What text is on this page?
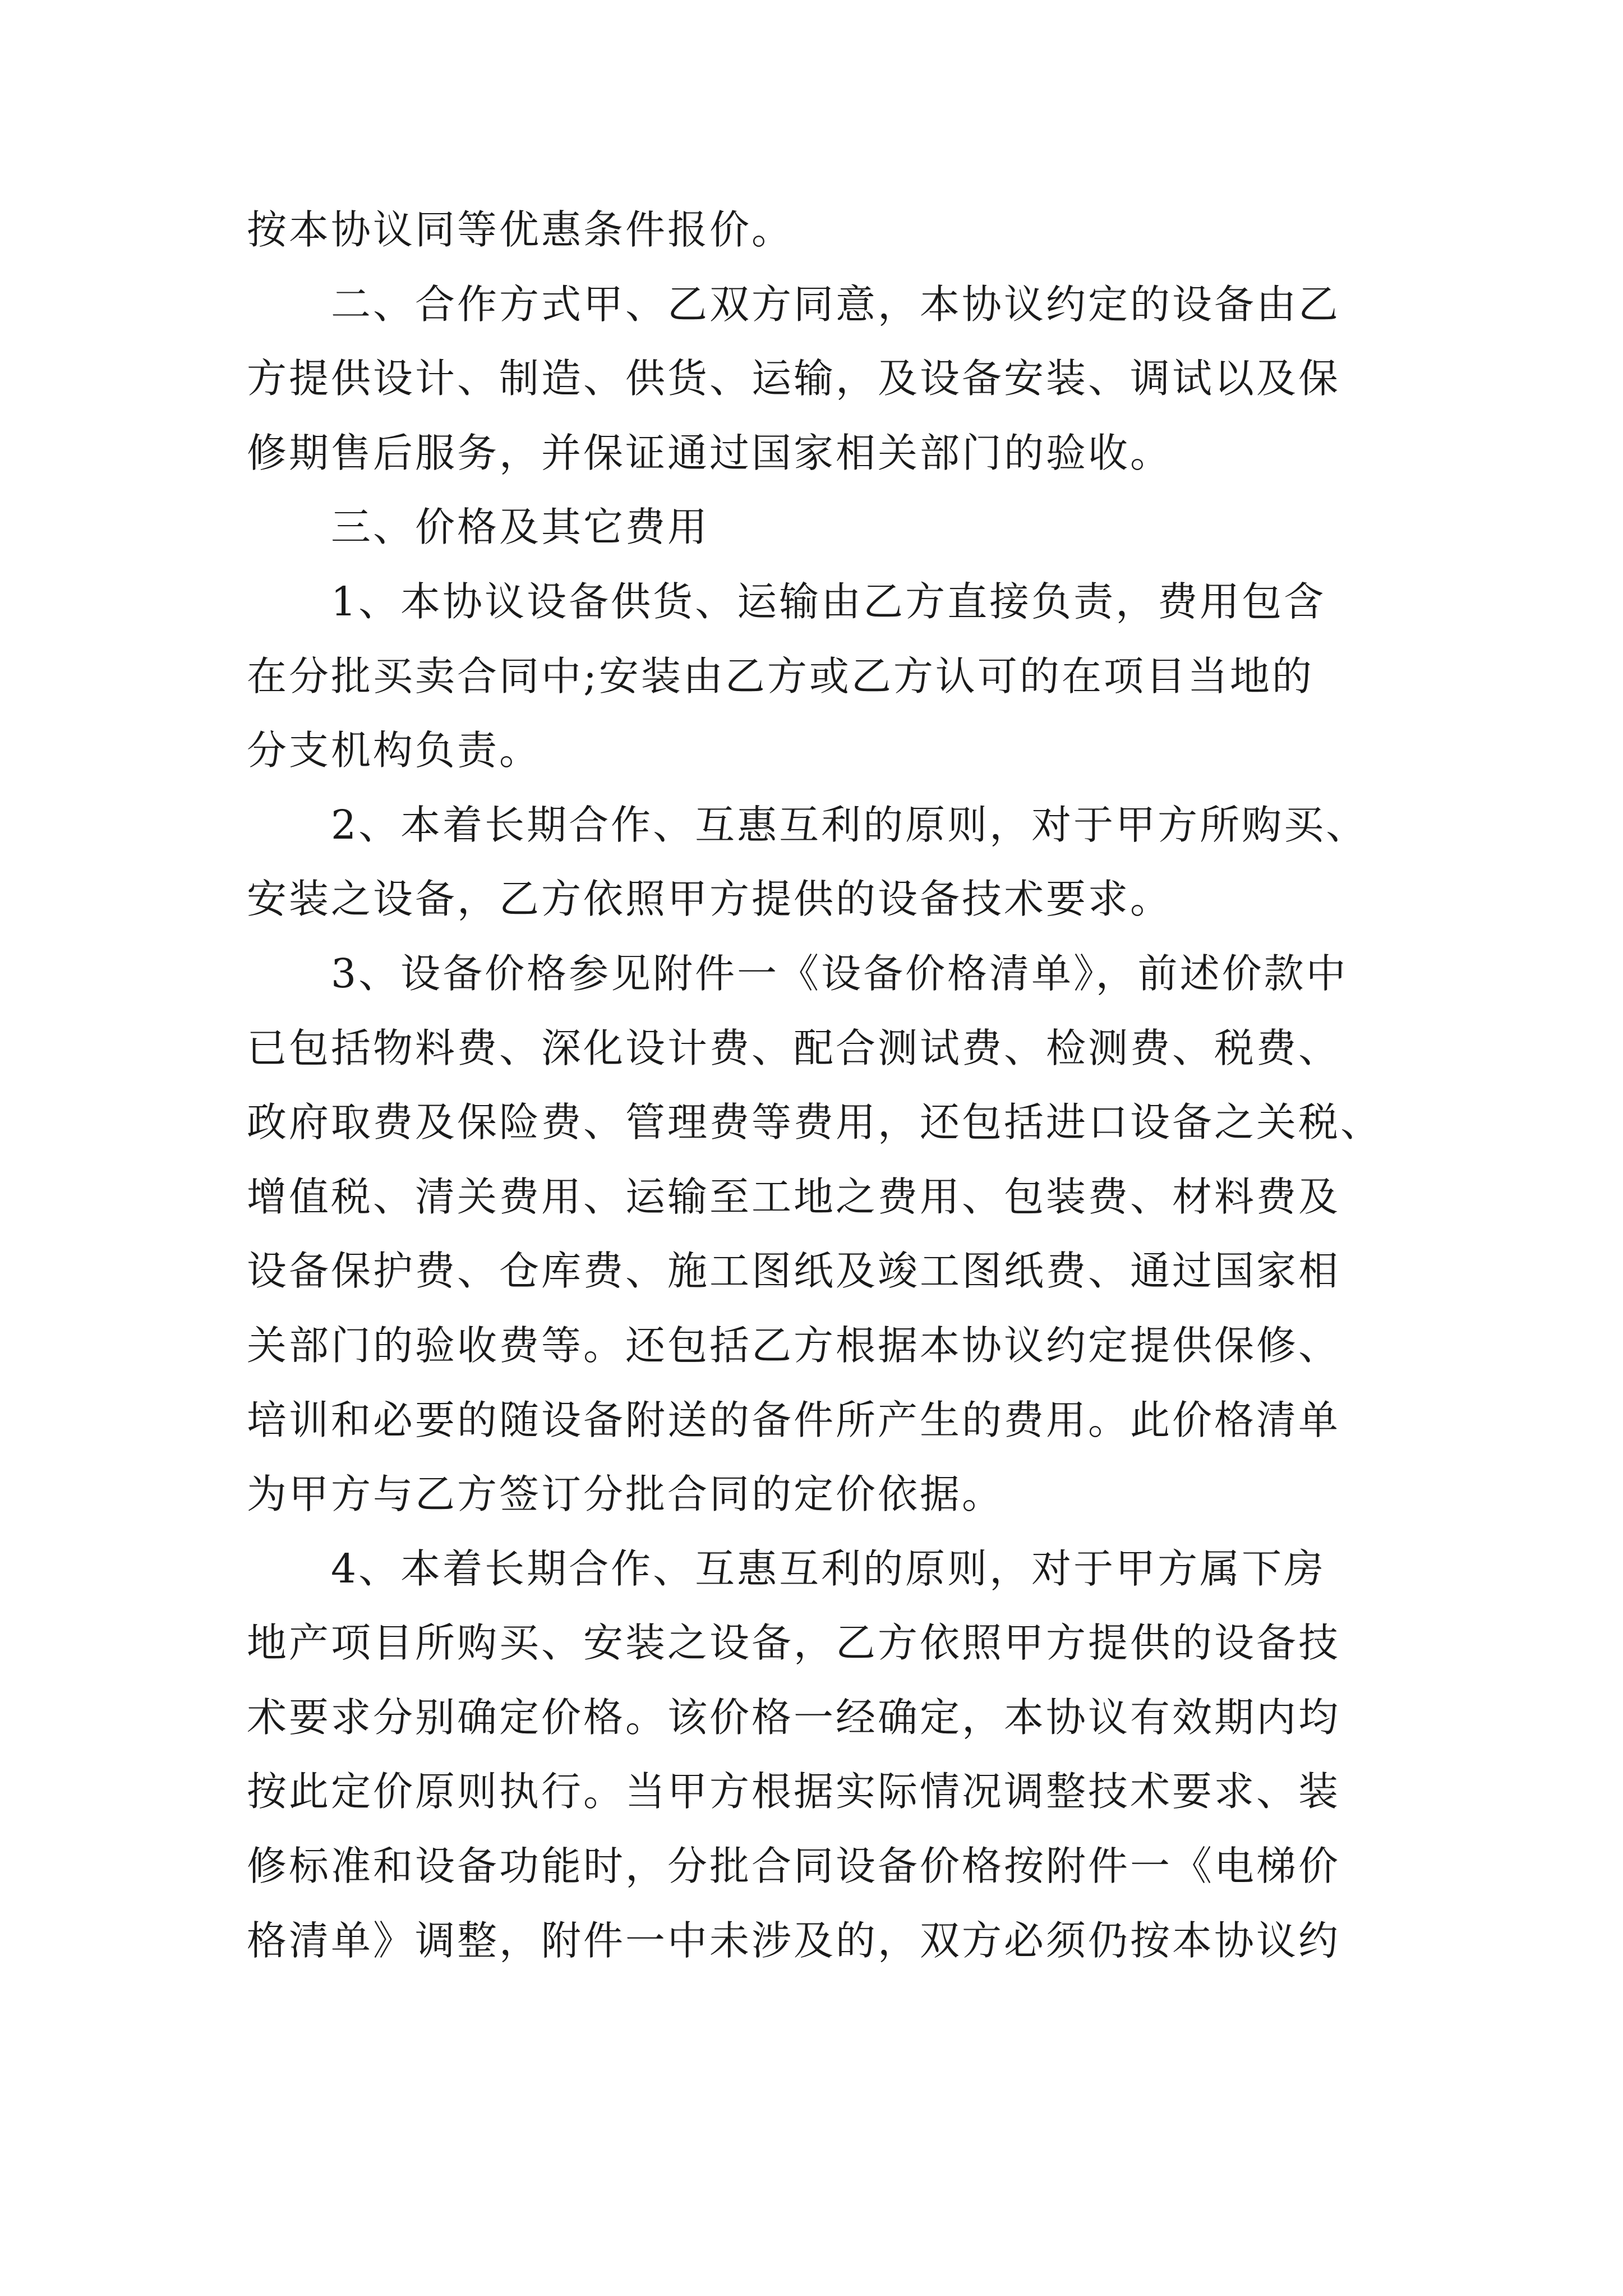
按本协议同等优惠条件报价。
　　二、合作方式甲、乙双方同意，本协议约定的设备由乙
方提供设计、制造、供货、运输，及设备安装、调试以及保
修期售后服务，并保证通过国家相关部门的验收。
　　三、价格及其它费用
　　1、本协议设备供货、运输由乙方直接负责，费用包含
在分批买卖合同中;安装由乙方或乙方认可的在项目当地的
分支机构负责。
　　2、本着长期合作、互惠互利的原则，对于甲方所购买、
安装之设备，乙方依照甲方提供的设备技术要求。
　　3、设备价格参见附件一《设备价格清单》，前述价款中
已包括物料费、深化设计费、配合测试费、检测费、税费、
政府取费及保险费、管理费等费用，还包括进口设备之关税、
增值税、清关费用、运输至工地之费用、包装费、材料费及
设备保护费、仓库费、施工图纸及竣工图纸费、通过国家相
关部门的验收费等。还包括乙方根据本协议约定提供保修、
培训和必要的随设备附送的备件所产生的费用。此价格清单
为甲方与乙方签订分批合同的定价依据。
　　4、本着长期合作、互惠互利的原则，对于甲方属下房
地产项目所购买、安装之设备，乙方依照甲方提供的设备技
术要求分别确定价格。该价格一经确定，本协议有效期内均
按此定价原则执行。当甲方根据实际情况调整技术要求、装
修标准和设备功能时，分批合同设备价格按附件一《电梯价
格清单》调整，附件一中未涉及的，双方必须仍按本协议约
